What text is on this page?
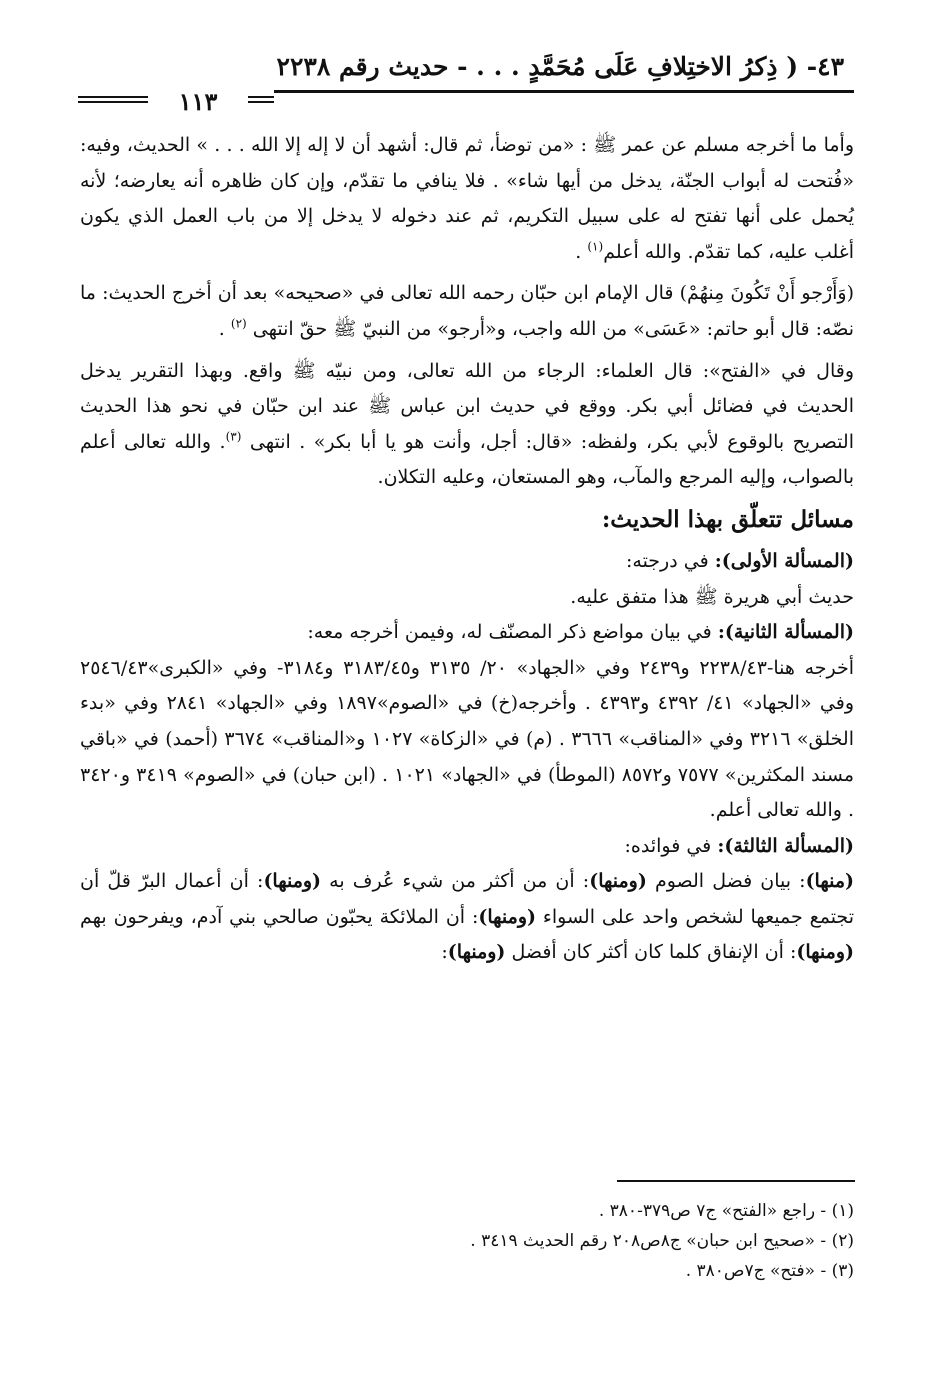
٤٣- ( ذِكرُ الاختِلافِ عَلَى مُحَمَّدٍ . . . - حديث رقم ٢٢٣٨
١١٣

وأما ما أخرجه مسلم عن عمر ﷺ : «من توضأ، ثم قال: أشهد أن لا إله إلا الله . . . » الحديث، وفيه: «فُتحت له أبواب الجنّة، يدخل من أيها شاء» . فلا ينافي ما تقدّم، وإن كان ظاهره أنه يعارضه؛ لأنه يُحمل على أنها تفتح له على سبيل التكريم، ثم عند دخوله لا يدخل إلا من باب العمل الذي يكون أغلب عليه، كما تقدّم. والله أعلم$^{(١)}$ .

(وَأَرْجو أَنْ تَكُونَ مِنهُمْ) قال الإمام ابن حبّان رحمه الله تعالى في «صحيحه» بعد أن أخرج الحديث: ما نصّه: قال أبو حاتم: «عَسَى» من الله واجب، و«أرجو» من النبيّ ﷺ حقّ انتهى $^{(٢)}$ .

وقال في «الفتح»: قال العلماء: الرجاء من الله تعالى، ومن نبيّه ﷺ واقع. وبهذا التقرير يدخل الحديث في فضائل أبي بكر. ووقع في حديث ابن عباس ﷺ عند ابن حبّان في نحو هذا الحديث التصريح بالوقوع لأبي بكر، ولفظه: «قال: أجل، وأنت هو يا أبا بكر» . انتهى $^{(٣)}$. والله تعالى أعلم بالصواب، وإليه المرجع والمآب، وهو المستعان، وعليه التكلان.

مسائل تتعلّق بهذا الحديث:

(المسألة الأولى): في درجته:

حديث أبي هريرة ﷺ هذا متفق عليه.

(المسألة الثانية): في بيان مواضع ذكر المصنّف له، وفيمن أخرجه معه:

أخرجه هنا-٢٢٣٨/٤٣ و٢٤٣٩ وفي «الجهاد» ٢٠/ ٣١٣٥ و٣١٨٣/٤٥ و٣١٨٤- وفي «الكبرى»٢٥٤٦/٤٣ وفي «الجهاد» ٤١/ ٤٣٩٢ و٤٣٩٣ . وأخرجه(خ) في «الصوم»١٨٩٧ وفي «الجهاد» ٢٨٤١ وفي «بدء الخلق» ٣٢١٦ وفي «المناقب» ٣٦٦٦ . (م) في «الزكاة» ١٠٢٧ و«المناقب» ٣٦٧٤ (أحمد) في «باقي مسند المكثرين» ٧٥٧٧ و٨٥٧٢ (الموطأ) في «الجهاد» ١٠٢١ . (ابن حبان) في «الصوم» ٣٤١٩ و٣٤٢٠ . والله تعالى أعلم.

(المسألة الثالثة): في فوائده:

(منها): بيان فضل الصوم (ومنها): أن من أكثر من شيء عُرف به (ومنها): أن أعمال البرّ قلّ أن تجتمع جميعها لشخص واحد على السواء (ومنها): أن الملائكة يحبّون صالحي بني آدم، ويفرحون بهم (ومنها): أن الإنفاق كلما كان أكثر كان أفضل (ومنها):

(١) - راجع «الفتح» ج٧ ص٣٧٩-٣٨٠ .

(٢) - «صحيح ابن حبان» ج٨ص٢٠٨ رقم الحديث ٣٤١٩ .

(٣) - «فتح» ج٧ص٣٨٠ .
